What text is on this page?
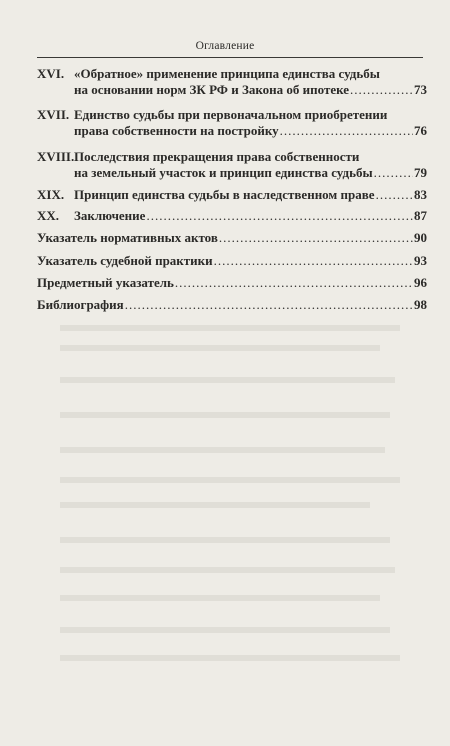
Оглавление
XVI. «Обратное» применение принципа единства судьбы
на основании норм ЗК РФ и Закона об ипотеке .....	73
XVII. Единство судьбы при первоначальном приобретении
права собственности на постройку .....	76
XVIII. Последствия прекращения права собственности
на земельный участок и принцип единства судьбы .....	79
XIX. Принцип единства судьбы в наследственном праве .....	83
XX. Заключение .....	87
Указатель нормативных актов .....	90
Указатель судебной практики .....	93
Предметный указатель .....	96
Библиография .....	98
